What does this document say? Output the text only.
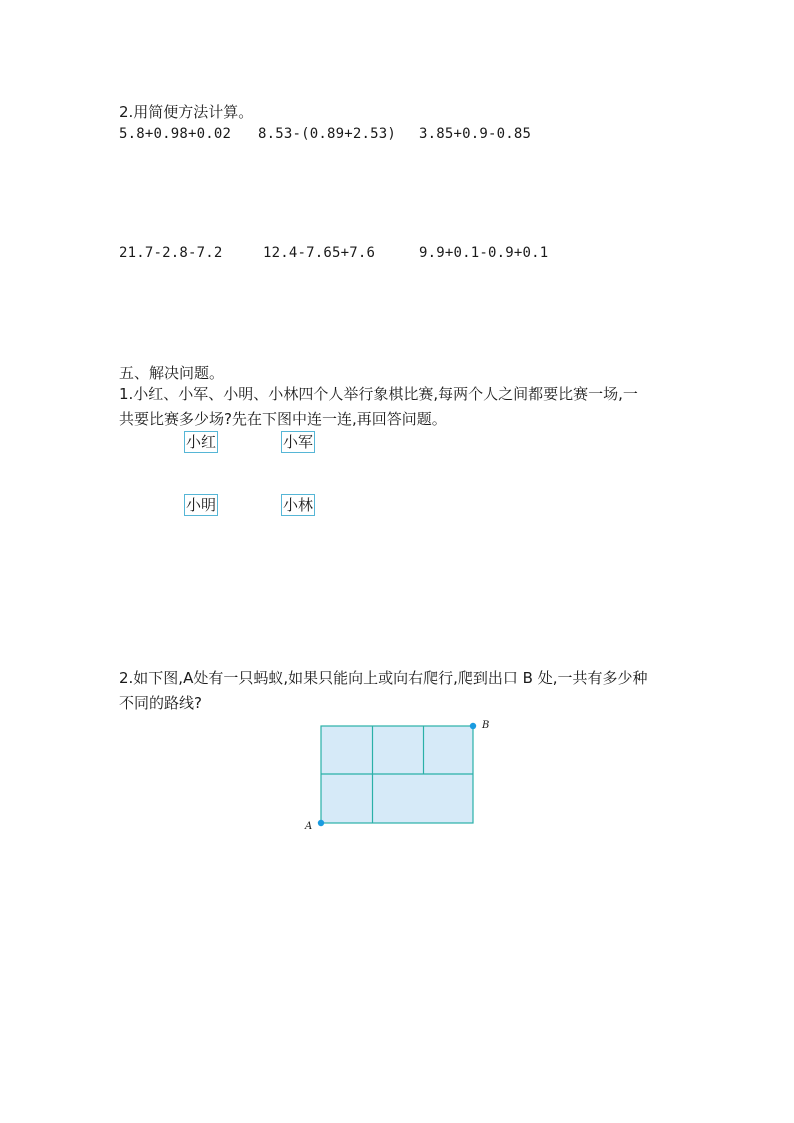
2.用简便方法计算。
5.8+0.98+0.02 8.53-(0.89+2.53) 3.85+0.9-0.85
21.7-2.8-7.2	12.4-7.65+7.6	9.9+0.1-0.9+0.1
五、解决问题。
1.小红、小军、小明、小林四个人举行象棋比赛,每两个人之间都要比赛一场,一
共要比赛多少场?先在下图中连一连,再回答问题。
小红	小军
小明	小林
2.如下图,A处有一只蚂蚁,如果只能向上或向右爬行,爬到出口 B 处,一共有多少种
不同的路线?
A
B
